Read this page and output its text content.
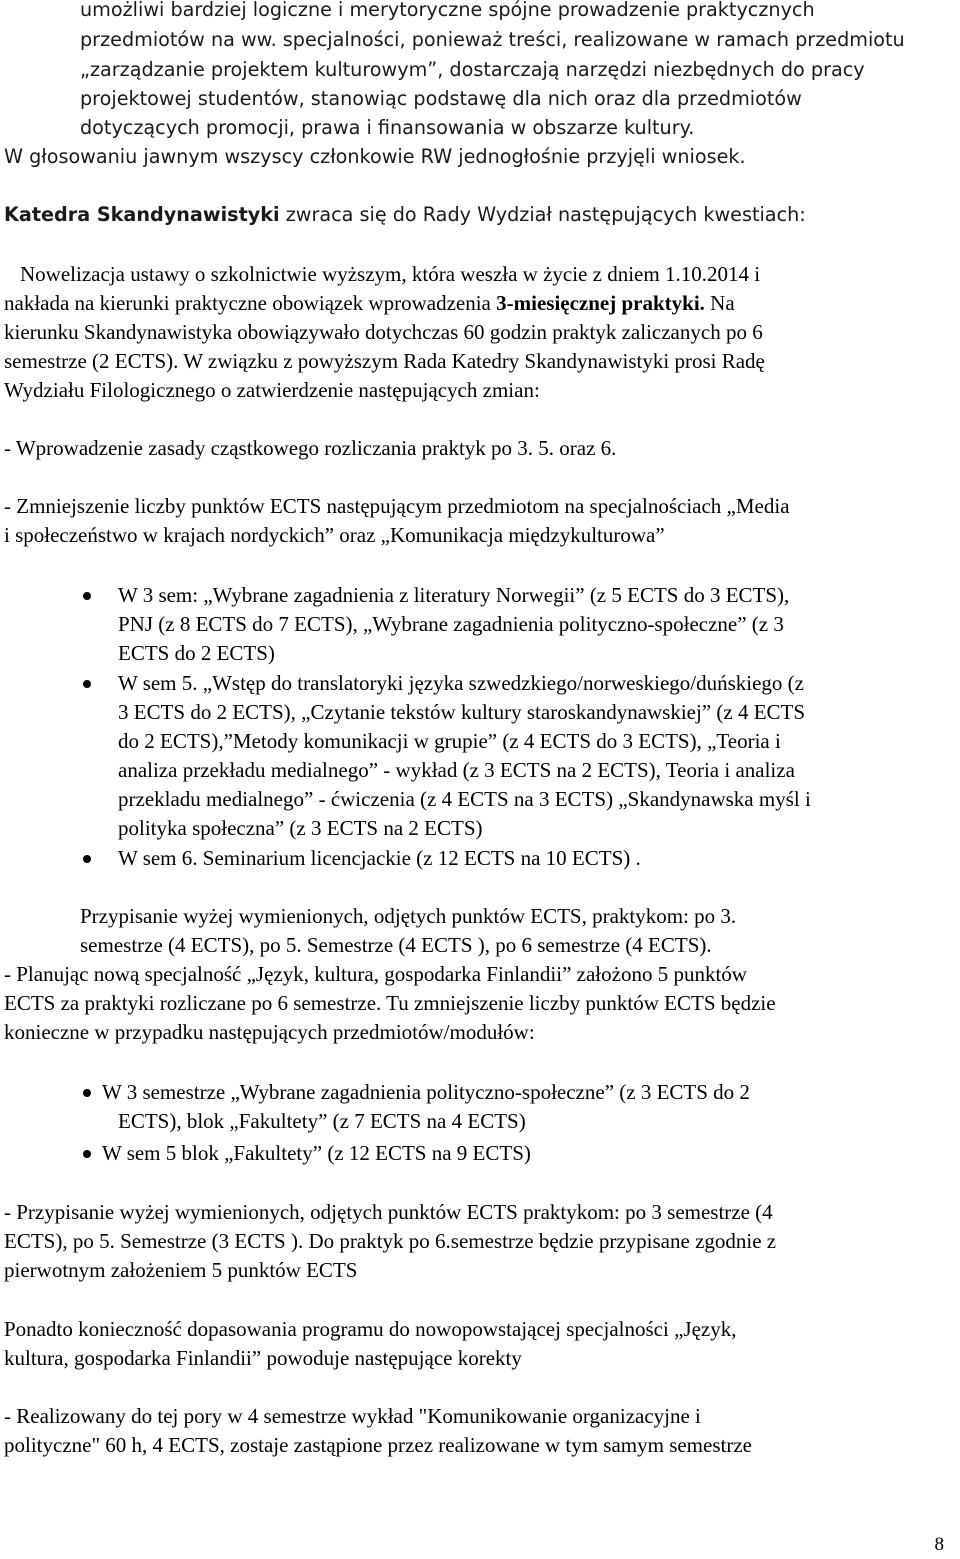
umożliwi bardziej logiczne i merytoryczne spójne prowadzenie praktycznych
przedmiotów na ww. specjalności, ponieważ treści, realizowane w ramach przedmiotu
„zarządzanie projektem kulturowym”, dostarczają narzędzi niezbędnych do pracy
projektowej studentów, stanowiąc podstawę dla nich oraz dla przedmiotów
dotyczących promocji, prawa i finansowania w obszarze kultury.
W głosowaniu jawnym wszyscy członkowie RW jednogłośnie przyjęli wniosek.
Katedra Skandynawistyki zwraca się do Rady Wydział następujących kwestiach:
Nowelizacja ustawy o szkolnictwie wyższym, która weszła w życie z dniem 1.10.2014 i
nakłada na kierunki praktyczne obowiązek wprowadzenia 3-miesięcznej praktyki. Na
kierunku Skandynawistyka obowiązywało dotychczas 60 godzin praktyk zaliczanych po 6
semestrze (2 ECTS). W związku z powyższym Rada Katedry Skandynawistyki prosi Radę
Wydziału Filologicznego o zatwierdzenie następujących zmian:
- Wprowadzenie zasady cząstkowego rozliczania praktyk po 3. 5. oraz 6.
- Zmniejszenie liczby punktów ECTS następującym przedmiotom na specjalnościach „Media
i społeczeństwo w krajach nordyckich” oraz „Komunikacja międzykulturowa”
W 3 sem: „Wybrane zagadnienia z literatury Norwegii” (z 5 ECTS do 3 ECTS),
PNJ (z 8 ECTS do 7 ECTS), „Wybrane zagadnienia polityczno-społeczne” (z 3
ECTS do 2 ECTS)
W sem 5. „Wstęp do translatoryki języka szwedzkiego/norweskiego/duńskiego (z
3 ECTS do 2 ECTS), „Czytanie tekstów kultury staroskandynawskiej” (z 4 ECTS
do 2 ECTS),”Metody komunikacji w grupie” (z 4 ECTS do 3 ECTS), „Teoria i
analiza przekładu medialnego” - wykład (z 3 ECTS na 2 ECTS), Teoria i analiza
przekladu medialnego” - ćwiczenia (z 4 ECTS na 3 ECTS) „Skandynawska myśl i
polityka społeczna” (z 3 ECTS na 2 ECTS)
W sem 6. Seminarium licencjackie (z 12 ECTS na 10 ECTS) .
Przypisanie wyżej wymienionych, odjętych punktów ECTS, praktykom: po 3.
semestrze (4 ECTS), po 5. Semestrze (4 ECTS ), po 6 semestrze (4 ECTS).
- Planując nową specjalność „Język, kultura, gospodarka Finlandii” założono 5 punktów
ECTS za praktyki rozliczane po 6 semestrze. Tu zmniejszenie liczby punktów ECTS będzie
konieczne w przypadku następujących przedmiotów/modułów:
W 3 semestrze „Wybrane zagadnienia polityczno-społeczne” (z 3 ECTS do 2
ECTS), blok „Fakultety” (z 7 ECTS na 4 ECTS)
W sem 5 blok „Fakultety” (z 12 ECTS na 9 ECTS)
- Przypisanie wyżej wymienionych, odjętych punktów ECTS praktykom: po 3 semestrze (4
ECTS), po 5. Semestrze (3 ECTS ). Do praktyk po 6.semestrze będzie przypisane zgodnie z
pierwotnym założeniem 5 punktów ECTS
Ponadto konieczność dopasowania programu do nowopowstającej specjalności „Język,
kultura, gospodarka Finlandii” powoduje następujące korekty
- Realizowany do tej pory w 4 semestrze wykład "Komunikowanie organizacyjne i
polityczne" 60 h, 4 ECTS, zostaje zastąpione przez realizowane w tym samym semestrze
8
